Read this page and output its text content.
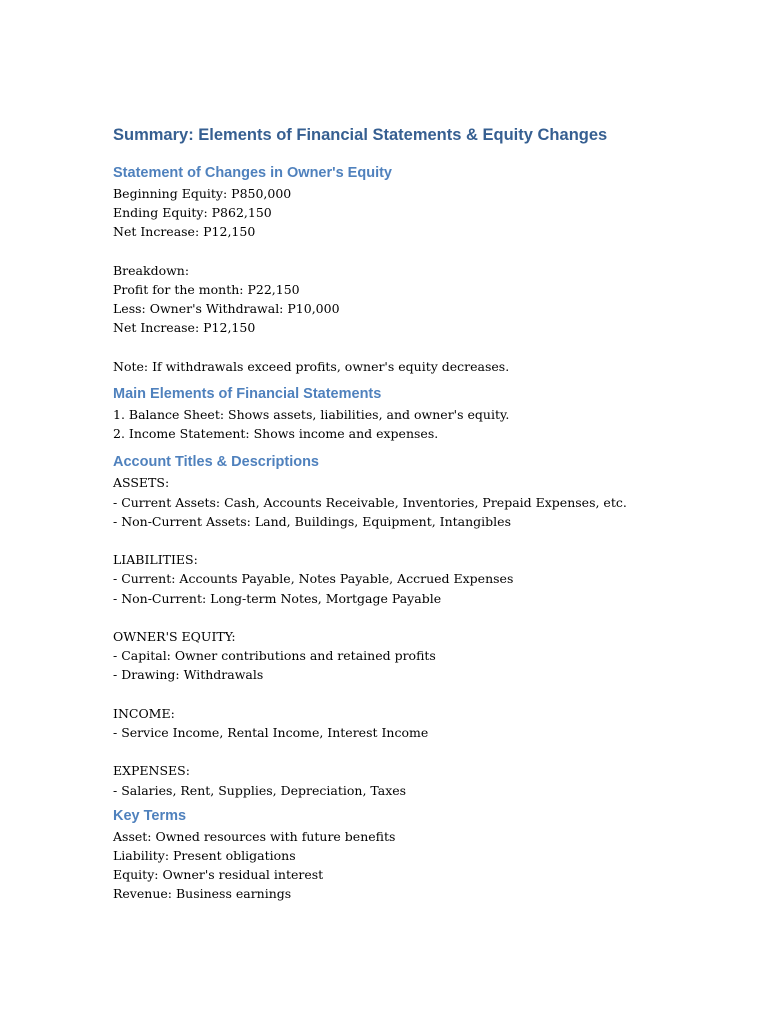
Summary: Elements of Financial Statements & Equity Changes
Statement of Changes in Owner's Equity
Beginning Equity: P850,000
Ending Equity: P862,150
Net Increase: P12,150
Breakdown:
Profit for the month: P22,150
Less: Owner's Withdrawal: P10,000
Net Increase: P12,150
Note: If withdrawals exceed profits, owner's equity decreases.
Main Elements of Financial Statements
1. Balance Sheet: Shows assets, liabilities, and owner's equity.
2. Income Statement: Shows income and expenses.
Account Titles & Descriptions
ASSETS:
- Current Assets: Cash, Accounts Receivable, Inventories, Prepaid Expenses, etc.
- Non-Current Assets: Land, Buildings, Equipment, Intangibles
LIABILITIES:
- Current: Accounts Payable, Notes Payable, Accrued Expenses
- Non-Current: Long-term Notes, Mortgage Payable
OWNER'S EQUITY:
- Capital: Owner contributions and retained profits
- Drawing: Withdrawals
INCOME:
- Service Income, Rental Income, Interest Income
EXPENSES:
- Salaries, Rent, Supplies, Depreciation, Taxes
Key Terms
Asset: Owned resources with future benefits
Liability: Present obligations
Equity: Owner's residual interest
Revenue: Business earnings
